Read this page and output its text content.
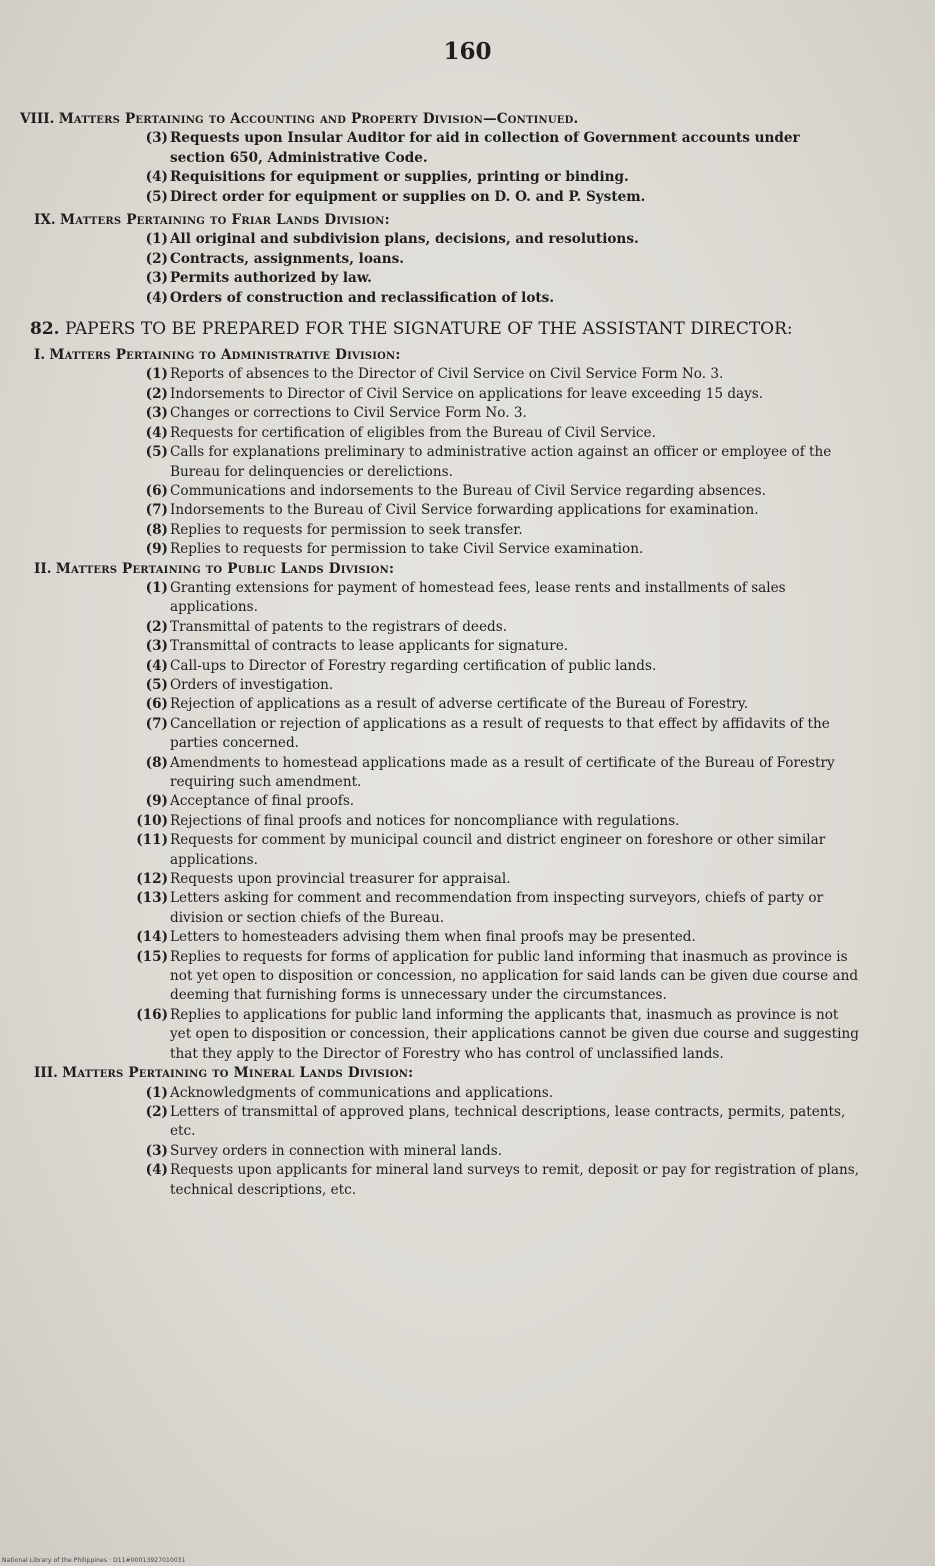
160
VIII. Matters Pertaining to Accounting and Property Division—Continued.
(3) Requests upon Insular Auditor for aid in collection of Government accounts under section 650, Administrative Code.
(4) Requisitions for equipment or supplies, printing or binding.
(5) Direct order for equipment or supplies on D. O. and P. System.
IX. Matters Pertaining to Friar Lands Division:
(1) All original and subdivision plans, decisions, and resolutions.
(2) Contracts, assignments, loans.
(3) Permits authorized by law.
(4) Orders of construction and reclassification of lots.
82. PAPERS TO BE PREPARED FOR THE SIGNATURE OF THE ASSISTANT DIRECTOR:
I. Matters Pertaining to Administrative Division:
(1) Reports of absences to the Director of Civil Service on Civil Service Form No. 3.
(2) Indorsements to Director of Civil Service on applications for leave exceeding 15 days.
(3) Changes or corrections to Civil Service Form No. 3.
(4) Requests for certification of eligibles from the Bureau of Civil Service.
(5) Calls for explanations preliminary to administrative action against an officer or employee of the Bureau for delinquencies or derelictions.
(6) Communications and indorsements to the Bureau of Civil Service regarding absences.
(7) Indorsements to the Bureau of Civil Service forwarding applications for examination.
(8) Replies to requests for permission to seek transfer.
(9) Replies to requests for permission to take Civil Service examination.
II. Matters Pertaining to Public Lands Division:
(1) Granting extensions for payment of homestead fees, lease rents and installments of sales applications.
(2) Transmittal of patents to the registrars of deeds.
(3) Transmittal of contracts to lease applicants for signature.
(4) Call-ups to Director of Forestry regarding certification of public lands.
(5) Orders of investigation.
(6) Rejection of applications as a result of adverse certificate of the Bureau of Forestry.
(7) Cancellation or rejection of applications as a result of requests to that effect by affidavits of the parties concerned.
(8) Amendments to homestead applications made as a result of certificate of the Bureau of Forestry requiring such amendment.
(9) Acceptance of final proofs.
(10) Rejections of final proofs and notices for noncompliance with regulations.
(11) Requests for comment by municipal council and district engineer on foreshore or other similar applications.
(12) Requests upon provincial treasurer for appraisal.
(13) Letters asking for comment and recommendation from inspecting surveyors, chiefs of party or division or section chiefs of the Bureau.
(14) Letters to homesteaders advising them when final proofs may be presented.
(15) Replies to requests for forms of application for public land informing that inasmuch as province is not yet open to disposition or concession, no application for said lands can be given due course and deeming that furnishing forms is unnecessary under the circumstances.
(16) Replies to applications for public land informing the applicants that, inasmuch as province is not yet open to disposition or concession, their applications cannot be given due course and suggesting that they apply to the Director of Forestry who has control of unclassified lands.
III. Matters Pertaining to Mineral Lands Division:
(1) Acknowledgments of communications and applications.
(2) Letters of transmittal of approved plans, technical descriptions, lease contracts, permits, patents, etc.
(3) Survey orders in connection with mineral lands.
(4) Requests upon applicants for mineral land surveys to remit, deposit or pay for registration of plans, technical descriptions, etc.
National Library of the Philippines · D11#00013927010031
